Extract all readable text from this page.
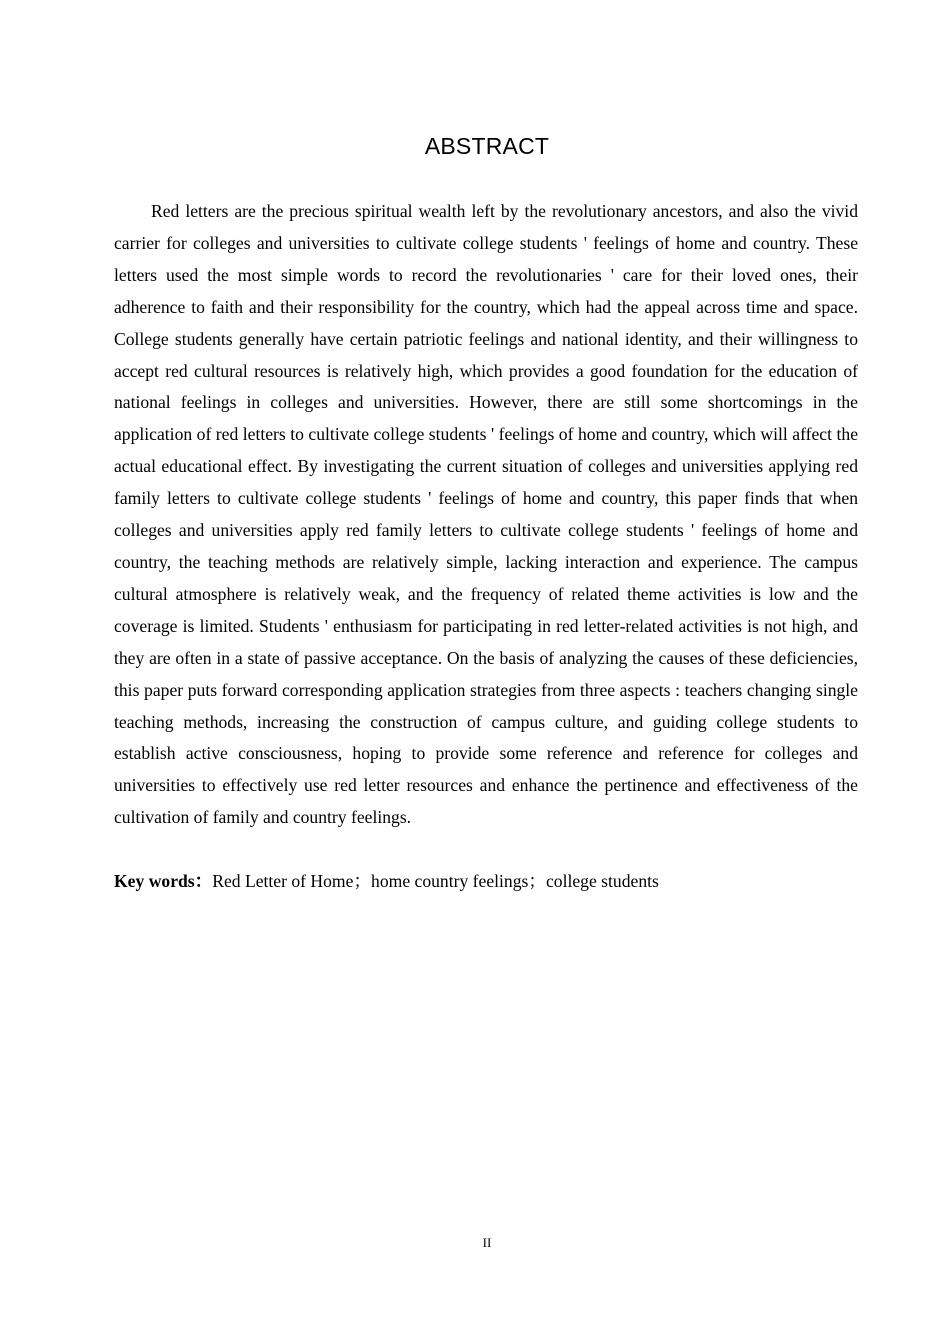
ABSTRACT

Red letters are the precious spiritual wealth left by the revolutionary ancestors, and also the vivid carrier for colleges and universities to cultivate college students ' feelings of home and country. These letters used the most simple words to record the revolutionaries ' care for their loved ones, their adherence to faith and their responsibility for the country, which had the appeal across time and space. College students generally have certain patriotic feelings and national identity, and their willingness to accept red cultural resources is relatively high, which provides a good foundation for the education of national feelings in colleges and universities. However, there are still some shortcomings in the application of red letters to cultivate college students ' feelings of home and country, which will affect the actual educational effect. By investigating the current situation of colleges and universities applying red family letters to cultivate college students ' feelings of home and country, this paper finds that when colleges and universities apply red family letters to cultivate college students ' feelings of home and country, the teaching methods are relatively simple, lacking interaction and experience. The campus cultural atmosphere is relatively weak, and the frequency of related theme activities is low and the coverage is limited. Students ' enthusiasm for participating in red letter-related activities is not high, and they are often in a state of passive acceptance. On the basis of analyzing the causes of these deficiencies, this paper puts forward corresponding application strategies from three aspects : teachers changing single teaching methods, increasing the construction of campus culture, and guiding college students to establish active consciousness, hoping to provide some reference and reference for colleges and universities to effectively use red letter resources and enhance the pertinence and effectiveness of the cultivation of family and country feelings.

Key words：Red Letter of Home；home country feelings；college students

II
